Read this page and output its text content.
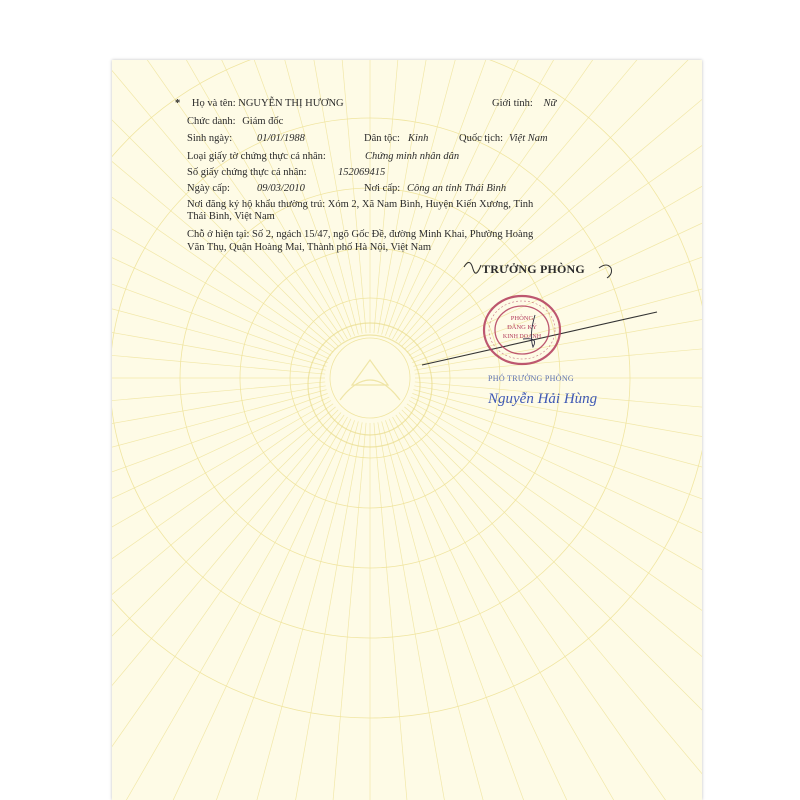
* Họ và tên: NGUYỄN THỊ HƯƠNG	Giới tính: Nữ
Chức danh: Giám đốc
Sinh ngày: 01/01/1988	Dân tộc: Kinh	Quốc tịch: Việt Nam
Loại giấy tờ chứng thực cá nhân:	Chứng minh nhân dân
Số giấy chứng thực cá nhân:	152069415
Ngày cấp:	09/03/2010	Nơi cấp: Công an tỉnh Thái Bình
Nơi đăng ký hộ khẩu thường trú: Xóm 2, Xã Nam Bình, Huyện Kiến Xương, Tỉnh
Thái Bình, Việt Nam
Chỗ ở hiện tại: Số 2, ngách 15/47, ngõ Gốc Đề, đường Minh Khai, Phường Hoàng
Văn Thụ, Quận Hoàng Mai, Thành phố Hà Nội, Việt Nam
TRƯỞNG PHÒNG
PHÒNG
ĐĂNG KÝ
KINH DOANH
PHÓ TRƯỞNG PHÒNG
Nguyễn Hải Hùng
